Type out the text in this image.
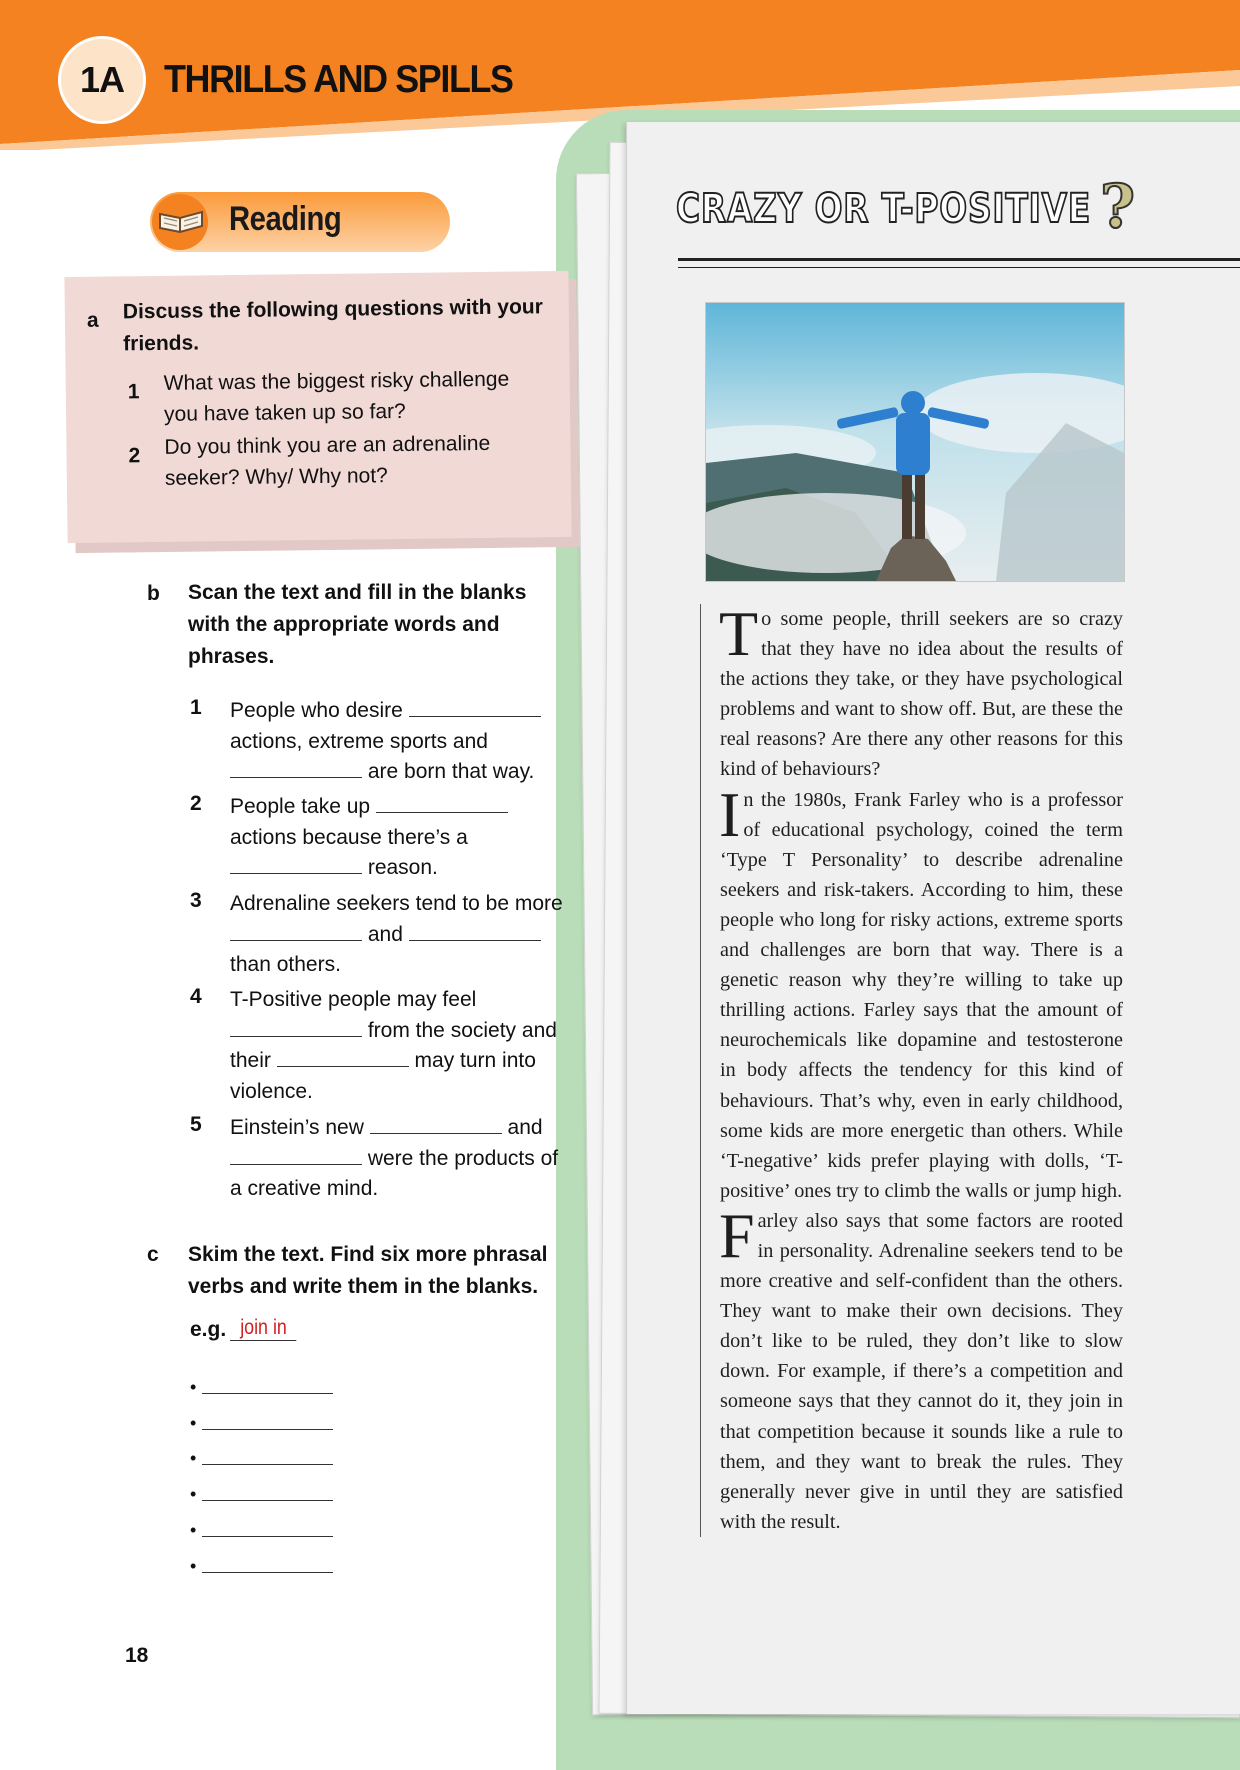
1A	THRILLS AND SPILLS
CRAZY OR T-POSITIVE ?

To some people, thrill seekers are so crazy that they have no idea about the results of the actions they take, or they have psychological problems and want to show off. But, are these the real reasons? Are there any other reasons for this kind of behaviours?

In the 1980s, Frank Farley who is a professor of educational psychology, coined the term ‘Type T Personality’ to describe adrenaline seekers and risk-takers. According to him, these people who long for risky actions, extreme sports and challenges are born that way. There is a genetic reason why they’re willing to take up thrilling actions. Farley says that the amount of neurochemicals like dopamine and testosterone in body affects the tendency for this kind of behaviours. That’s why, even in early childhood, some kids are more energetic than others. While ‘T-negative’ kids prefer playing with dolls, ‘T-positive’ ones try to climb the walls or jump high.

Farley also says that some factors are rooted in personality. Adrenaline seekers tend to be more creative and self-confident than the others. They want to make their own decisions. They don’t like to be ruled, they don’t like to slow down. For example, if there’s a competition and someone says that they cannot do it, they join in that competition because it sounds like a rule to them, and they want to break the rules. They generally never give in until they are satisfied with the result.

Reading
a Discuss the following questions with your
friends.
1 What was the biggest risky challenge
you have taken up so far?
2 Do you think you are an adrenaline
seeker? Why/ Why not?
b Scan the text and fill in the blanks
with the appropriate words and
phrases.
1 People who desire
actions, extreme sports and
are born that way.
2 People take up
actions because there’s a
reason.
3 Adrenaline seekers tend to be more
and
than others.
4 T-Positive people may feel
from the society and
their	may turn into
violence.
5 Einstein’s new	and
were the products of
a creative mind.
c Skim the text. Find six more phrasal
verbs and write them in the blanks.
e.g. join in
•
•
•
•
•
•
18
